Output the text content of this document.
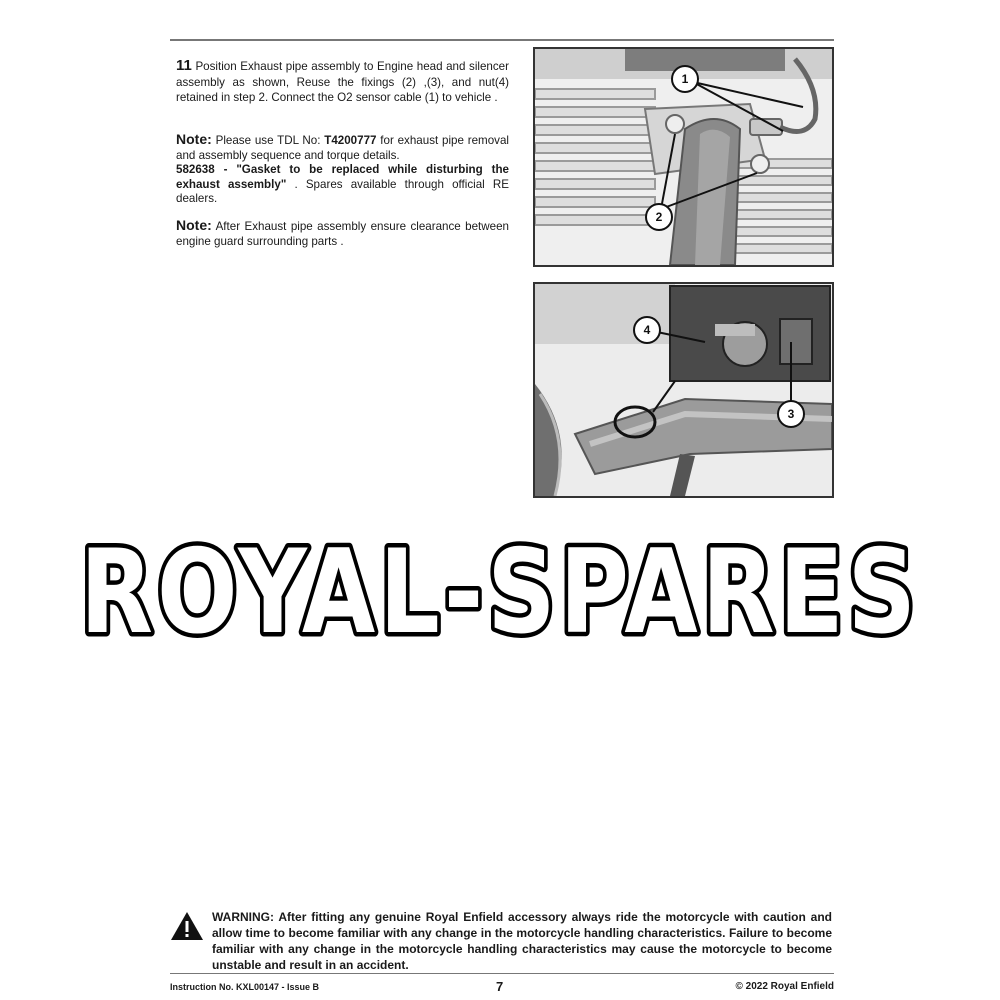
11 Position Exhaust pipe assembly to Engine head and silencer assembly as shown, Reuse the fixings (2) ,(3), and nut(4) retained in step 2. Connect the O2 sensor cable (1) to vehicle .
Note: Please use TDL No: T4200777 for exhaust pipe removal and assembly sequence and torque details.
582638 - "Gasket to be replaced while disturbing the exhaust assembly" . Spares available through official RE dealers.
Note: After Exhaust pipe assembly ensure clearance between engine guard surrounding parts .
1
2
4
3
ROYAL-SPARES
WARNING: After fitting any genuine Royal Enfield accessory always ride the motorcycle with caution and allow time to become familiar with any change in the motorcycle handling characteristics. Failure to become familiar with any change in the motorcycle handling characteristics may cause the motorcycle to become unstable and result in an accident.
Instruction No. KXL00147 - Issue B	7	© 2022 Royal Enfield
